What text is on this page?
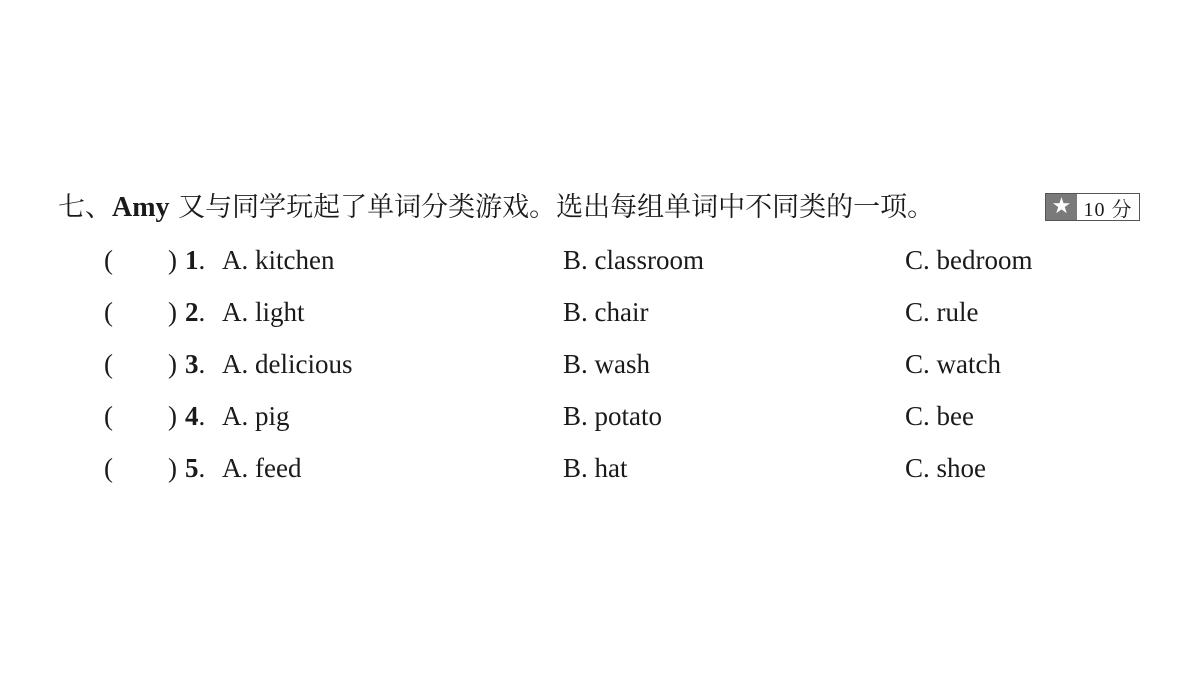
七、Amy 又与同学玩起了单词分类游戏。选出每组单词中不同类的一项。	★ 10 分
( ) 1. A. kitchen	B. classroom	C. bedroom
( ) 2. A. light	B. chair	C. rule
( ) 3. A. delicious	B. wash	C. watch
( ) 4. A. pig	B. potato	C. bee
( ) 5. A. feed	B. hat	C. shoe
